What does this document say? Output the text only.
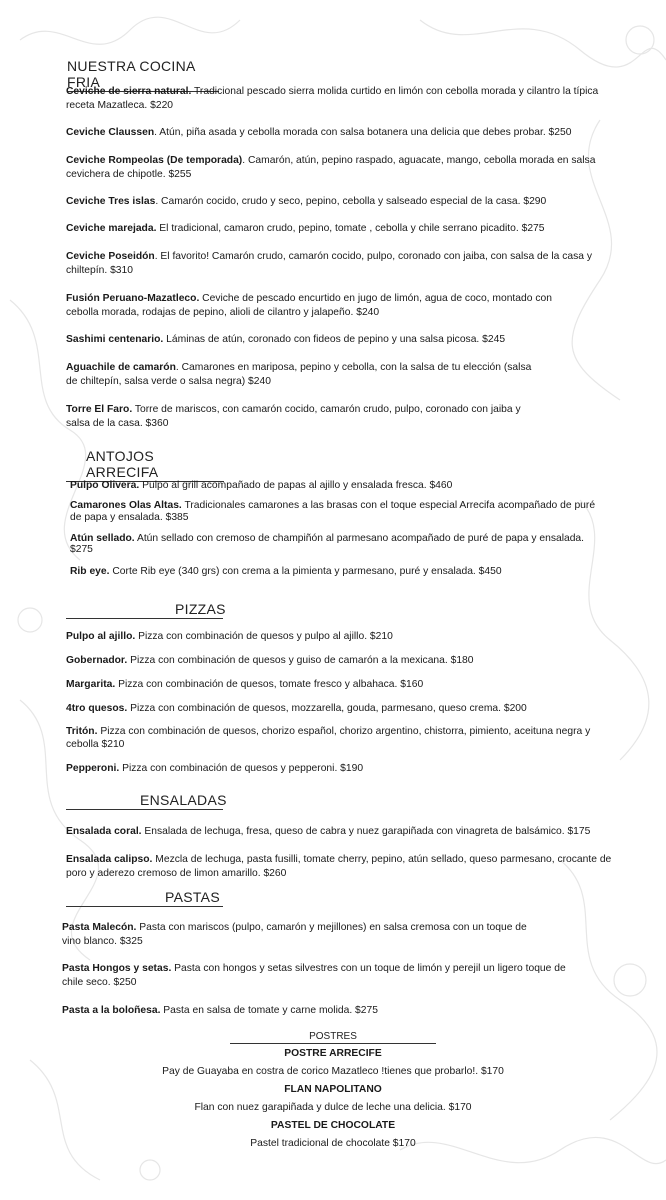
NUESTRA COCINA FRIA
Ceviche de sierra natural. Tradicional pescado sierra molida curtido en limón con cebolla morada y cilantro la típica receta Mazatleca. $220
Ceviche Claussen. Atún, piña asada y cebolla morada con salsa botanera una delicia que debes probar. $250
Ceviche Rompeolas (De temporada). Camarón, atún, pepino raspado, aguacate, mango, cebolla morada en salsa cevichera de chipotle. $255
Ceviche Tres islas. Camarón cocido, crudo y seco, pepino, cebolla y salseado especial de la casa. $290
Ceviche marejada. El tradicional, camaron crudo, pepino, tomate , cebolla y chile serrano picadito. $275
Ceviche Poseidón. El favorito! Camarón crudo, camarón cocido, pulpo, coronado con jaiba, con salsa de la casa y chiltepín. $310
Fusión Peruano-Mazatleco. Ceviche de pescado encurtido en jugo de limón, agua de coco, montado con cebolla morada, rodajas de pepino, alioli de cilantro y jalapeño. $240
Sashimi centenario. Láminas de atún, coronado con fideos de pepino y una salsa picosa. $245
Aguachile de camarón. Camarones en mariposa, pepino y cebolla, con la salsa de tu elección (salsa de chiltepín, salsa verde o salsa negra) $240
Torre El Faro. Torre de mariscos, con camarón cocido, camarón crudo, pulpo, coronado con jaiba y salsa de la casa. $360
ANTOJOS ARRECIFA
Pulpo Olivera. Pulpo al grill acompañado de papas al ajillo y ensalada fresca. $460
Camarones Olas Altas. Tradicionales camarones a las brasas con el toque especial Arrecifa acompañado de puré de papa y ensalada. $385
Atún sellado. Atún sellado con cremoso de champiñón al parmesano acompañado de puré de papa y ensalada. $275
Rib eye. Corte Rib eye (340 grs) con crema a la pimienta y parmesano, puré y ensalada. $450
PIZZAS
Pulpo al ajillo. Pizza con combinación de quesos y pulpo al ajillo. $210
Gobernador. Pizza con combinación de quesos y guiso de camarón a la mexicana. $180
Margarita. Pizza con combinación de quesos, tomate fresco y albahaca. $160
4tro quesos. Pizza con combinación de quesos, mozzarella, gouda, parmesano, queso crema. $200
Tritón. Pizza con combinación de quesos, chorizo español, chorizo argentino, chistorra, pimiento, aceituna negra y cebolla $210
Pepperoni. Pizza con combinación de quesos y pepperoni. $190
ENSALADAS
Ensalada coral. Ensalada de lechuga, fresa, queso de cabra y nuez garapiñada con vinagreta de balsámico. $175
Ensalada calipso. Mezcla de lechuga, pasta fusilli, tomate cherry, pepino, atún sellado, queso parmesano, crocante de poro y aderezo cremoso de limon amarillo. $260
PASTAS
Pasta Malecón. Pasta con mariscos (pulpo, camarón y mejillones) en salsa cremosa con un toque de vino blanco. $325
Pasta Hongos y setas. Pasta con hongos y setas silvestres con un toque de limón y perejil un ligero toque de chile seco. $250
Pasta a la boloñesa. Pasta en salsa de tomate y carne molida. $275
POSTRES
POSTRE ARRECIFE
Pay de Guayaba en costra de corico Mazatleco !tienes que probarlo!. $170
FLAN NAPOLITANO
Flan con nuez garapiñada y dulce de leche una delicia. $170
PASTEL DE CHOCOLATE
Pastel tradicional de chocolate $170
